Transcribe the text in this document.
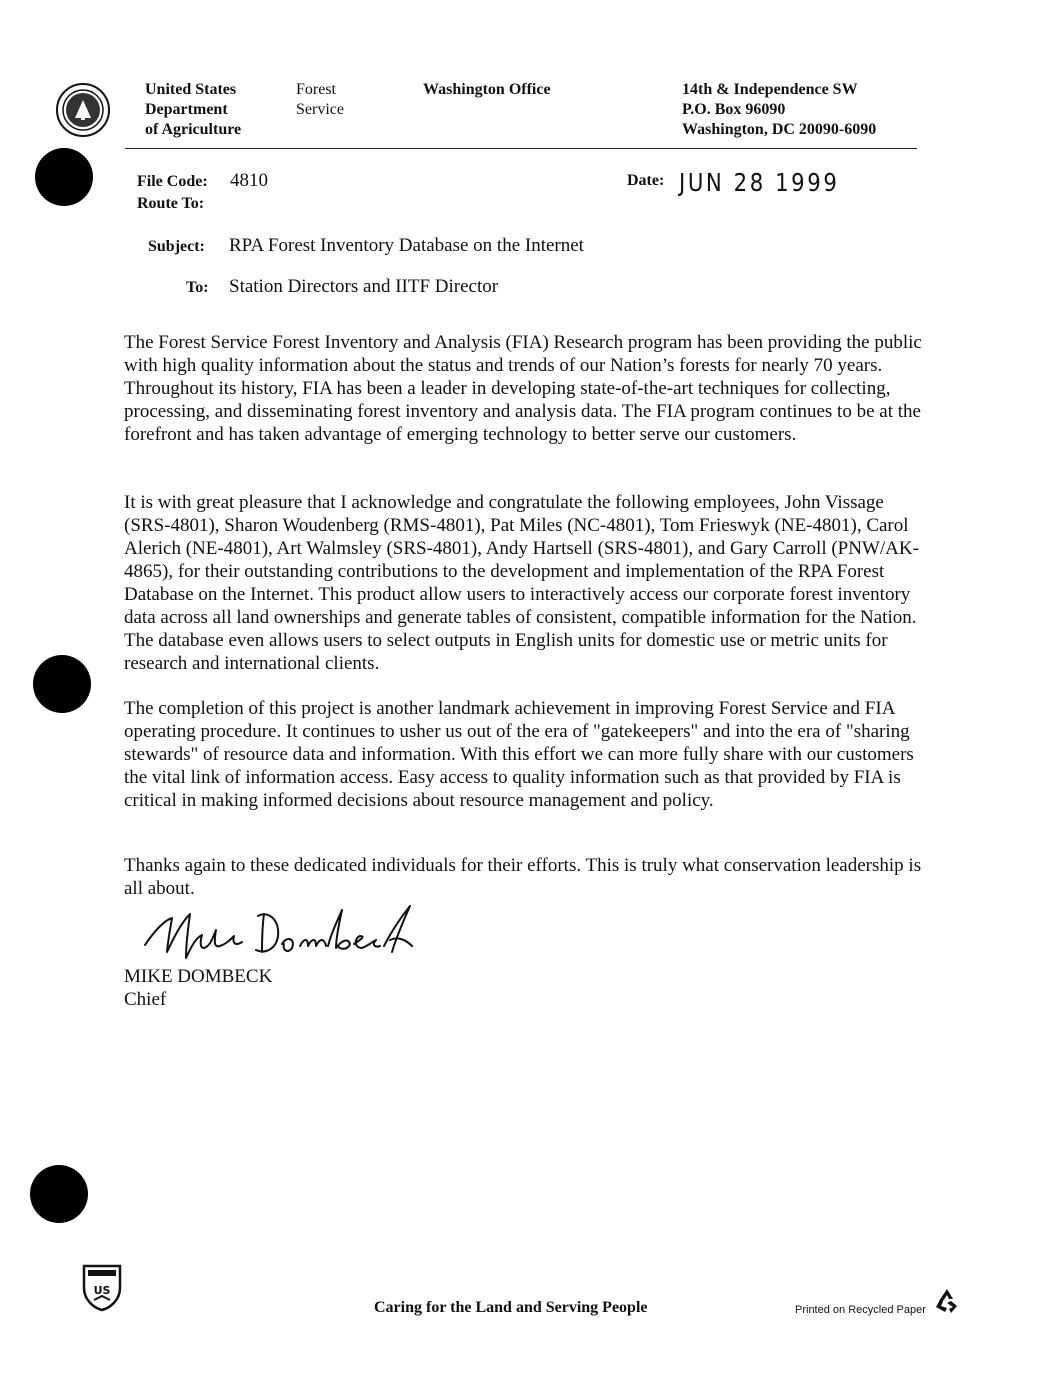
United States
Department
of Agriculture
Forest
Service
Washington Office	14th & Independence SW
P.O. Box 96090
Washington, DC 20090-6090
File Code: 4810
Route To:
Date: JUN 28 1999
Subject: RPA Forest Inventory Database on the Internet
To: Station Directors and IITF Director

The Forest Service Forest Inventory and Analysis (FIA) Research program has been providing the public with high quality information about the status and trends of our Nation’s forests for nearly 70 years. Throughout its history, FIA has been a leader in developing state-of-the-art techniques for collecting, processing, and disseminating forest inventory and analysis data. The FIA program continues to be at the forefront and has taken advantage of emerging technology to better serve our customers.

It is with great pleasure that I acknowledge and congratulate the following employees, John Vissage (SRS-4801), Sharon Woudenberg (RMS-4801), Pat Miles (NC-4801), Tom Frieswyk (NE-4801), Carol Alerich (NE-4801), Art Walmsley (SRS-4801), Andy Hartsell (SRS-4801), and Gary Carroll (PNW/AK-4865), for their outstanding contributions to the development and implementation of the RPA Forest Database on the Internet. This product allow users to interactively access our corporate forest inventory data across all land ownerships and generate tables of consistent, compatible information for the Nation. The database even allows users to select outputs in English units for domestic use or metric units for research and international clients.

The completion of this project is another landmark achievement in improving Forest Service and FIA operating procedure. It continues to usher us out of the era of "gatekeepers" and into the era of "sharing stewards" of resource data and information. With this effort we can more fully share with our customers the vital link of information access. Easy access to quality information such as that provided by FIA is critical in making informed decisions about resource management and policy.

Thanks again to these dedicated individuals for their efforts. This is truly what conservation leadership is all about.

MIKE DOMBECK
Chief
US
Caring for the Land and Serving People	Printed on Recycled Paper
